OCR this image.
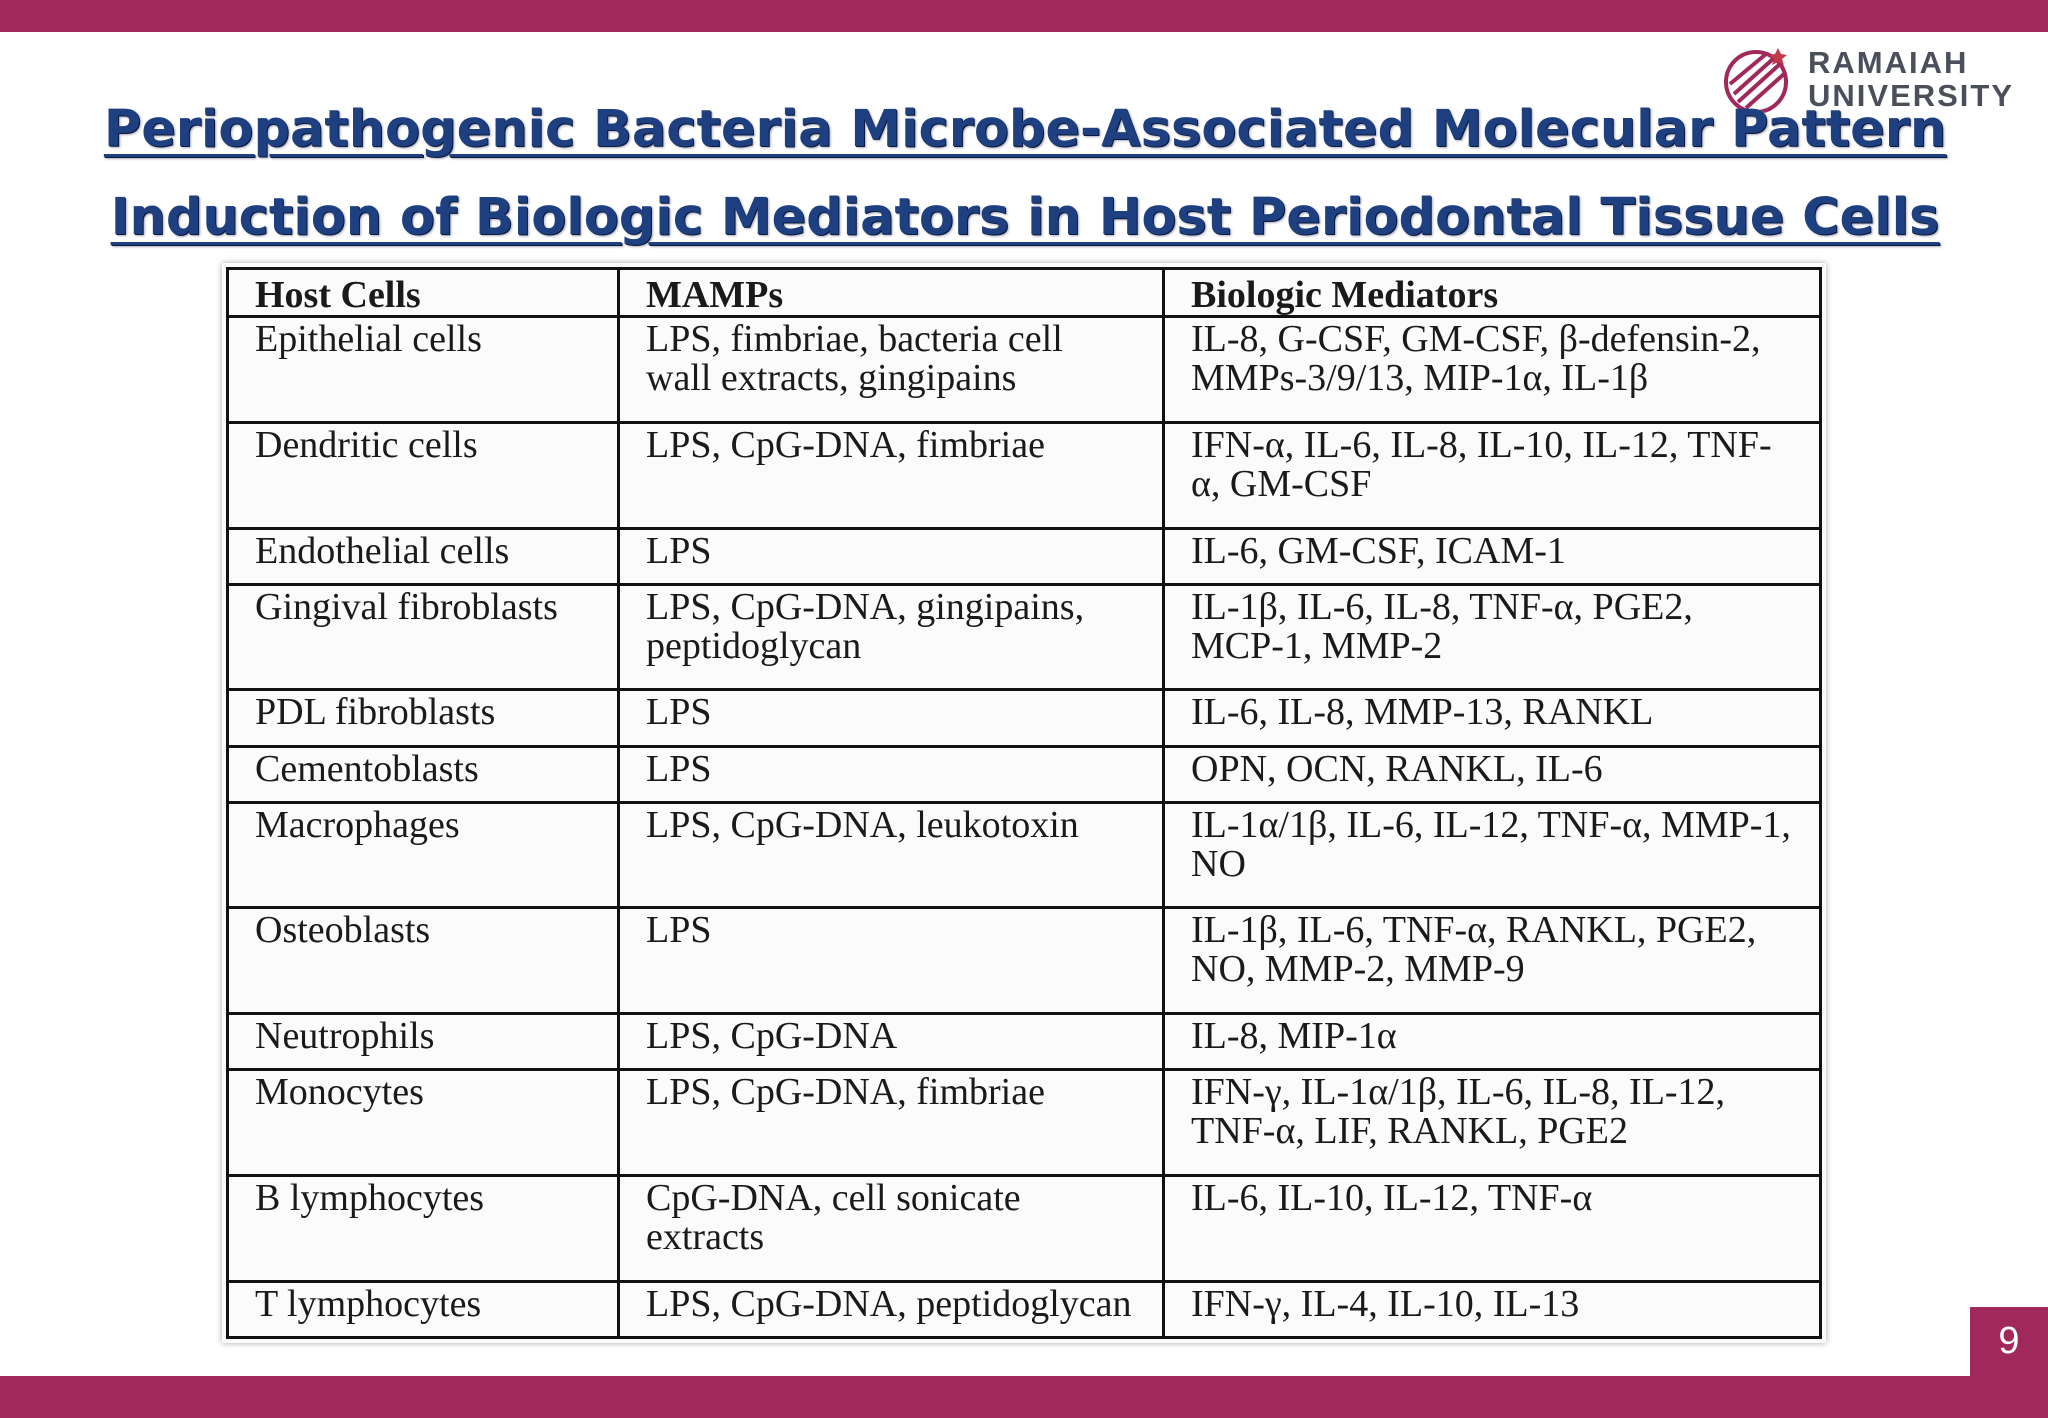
RAMAIAH
UNIVERSITY
Periopathogenic Bacteria Microbe-Associated Molecular Pattern
Induction of Biologic Mediators in Host Periodontal Tissue Cells
Host Cells	MAMPs	Biologic Mediators
Epithelial cells	LPS, fimbriae, bacteria cell wall extracts, gingipains	IL-8, G-CSF, GM-CSF, β-defensin-2, MMPs-3/9/13, MIP-1α, IL-1β
Dendritic cells	LPS, CpG-DNA, fimbriae	IFN-α, IL-6, IL-8, IL-10, IL-12, TNF-α, GM-CSF
Endothelial cells	LPS	IL-6, GM-CSF, ICAM-1
Gingival fibroblasts	LPS, CpG-DNA, gingipains, peptidoglycan	IL-1β, IL-6, IL-8, TNF-α, PGE2, MCP-1, MMP-2
PDL fibroblasts	LPS	IL-6, IL-8, MMP-13, RANKL
Cementoblasts	LPS	OPN, OCN, RANKL, IL-6
Macrophages	LPS, CpG-DNA, leukotoxin	IL-1α/1β, IL-6, IL-12, TNF-α, MMP-1, NO
Osteoblasts	LPS	IL-1β, IL-6, TNF-α, RANKL, PGE2, NO, MMP-2, MMP-9
Neutrophils	LPS, CpG-DNA	IL-8, MIP-1α
Monocytes	LPS, CpG-DNA, fimbriae	IFN-γ, IL-1α/1β, IL-6, IL-8, IL-12, TNF-α, LIF, RANKL, PGE2
B lymphocytes	CpG-DNA, cell sonicate extracts	IL-6, IL-10, IL-12, TNF-α
T lymphocytes	LPS, CpG-DNA, peptidoglycan	IFN-γ, IL-4, IL-10, IL-13
9
